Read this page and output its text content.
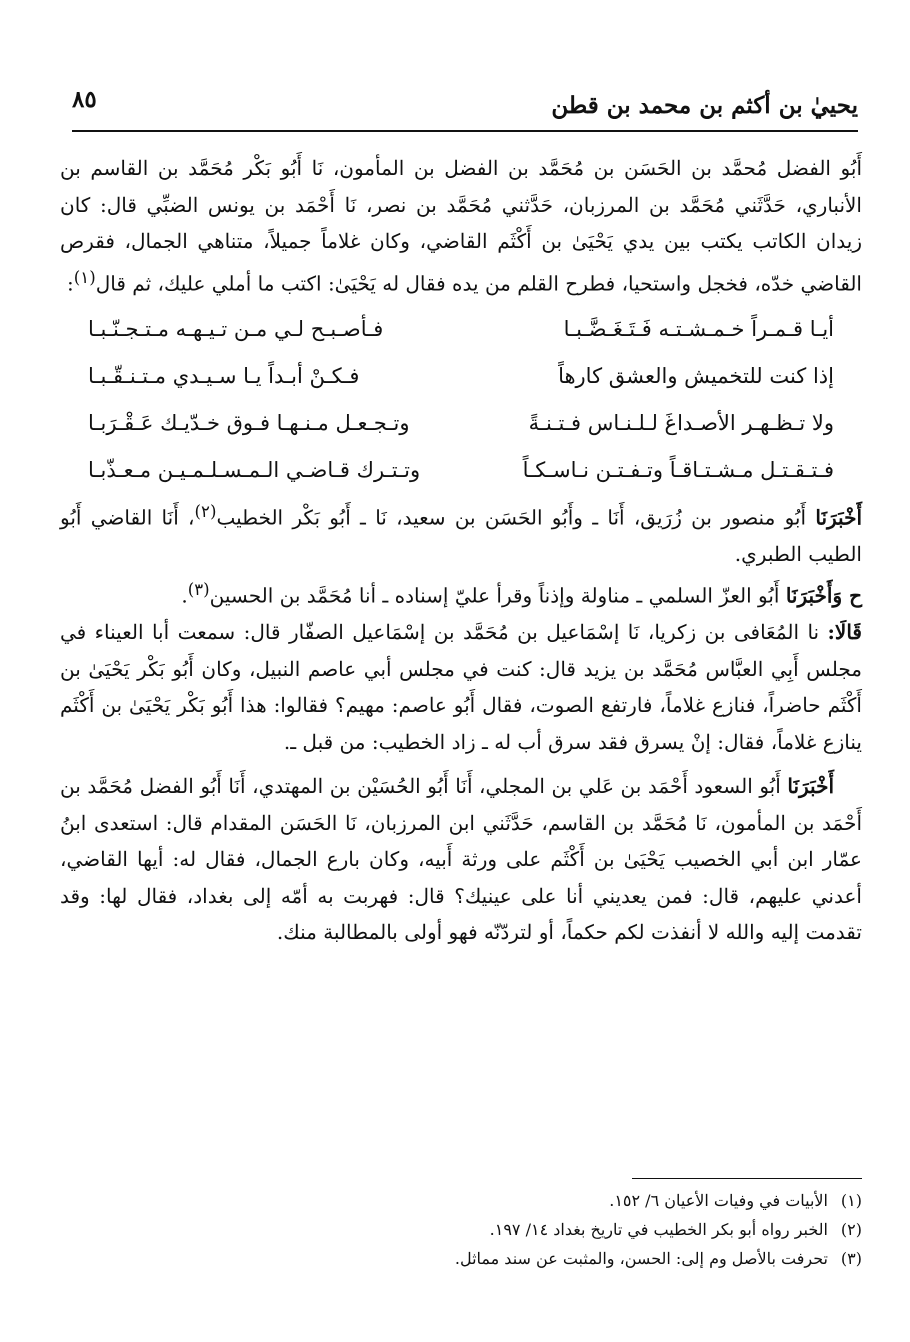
يحييٰ بن أكثم بن محمد بن قطن
٨٥

أَبُو الفضل مُحمَّد بن الحَسَن بن مُحَمَّد بن الفضل بن المأمون، نَا أَبُو بَكْر مُحَمَّد بن القاسم بن الأنباري، حَدَّثَني مُحَمَّد بن المرزبان، حَدَّثني مُحَمَّد بن نصر، نَا أَحْمَد بن يونس الضبِّي قال: كان زيدان الكاتب يكتب بين يدي يَحْيَىٰ بن أَكْثَم القاضي، وكان غلاماً جميلاً، متناهي الجمال، فقرص القاضي خدّه، فخجل واستحيا، فطرح القلم من يده فقال له يَحْيَىٰ: اكتب ما أملي عليك، ثم قال$^{(١)}$:

أيـا قـمـراً خـمـشـتـه فَـتَـغَـضَّـبـا
فـأصـبـح لـي مـن تـيـهـه مـتـجـنّـبـا
إذا كنت للتخميش والعشق كارهاً
فـكـنْ أبـداً يـا سـيـدي مـتـنـقّـبـا
ولا تـظـهـر الأصـداغَ لـلـنـاس فـتـنـةً
وتـجـعـل مـنـهـا فـوق خـدّيـك عَـقْـرَبـا
فـتـقـتـل مـشـتـاقـاً وتـفـتـن نـاسـكـاً
وتـتـرك قـاضـي الـمـسـلـمـيـن مـعـذّبـا

أَخْبَرَنَا أَبُو منصور بن زُرَيق، أَنَا ـ وأَبُو الحَسَن بن سعيد، نَا ـ أَبُو بَكْر الخطيب$^{(٢)}$، أَنَا القاضي أَبُو الطيب الطبري.

ح وَأَخْبَرَنَا أَبُو العزّ السلمي ـ مناولة وإذناً وقرأ عليّ إسناده ـ أنا مُحَمَّد بن الحسين$^{(٣)}$.

قَالَا: نا المُعَافى بن زكريا، نَا إسْمَاعيل بن مُحَمَّد بن إسْمَاعيل الصفّار قال: سمعت أبا العيناء في مجلس أَبِي العبَّاس مُحَمَّد بن يزيد قال: كنت في مجلس أبي عاصم النبيل، وكان أَبُو بَكْر يَحْيَىٰ بن أَكْثَم حاضراً، فنازع غلاماً، فارتفع الصوت، فقال أَبُو عاصم: مهيم؟ فقالوا: هذا أَبُو بَكْر يَحْيَىٰ بن أَكْثَم ينازع غلاماً، فقال: إنْ يسرق فقد سرق أب له ـ زاد الخطيب: من قبل ـ.

أَخْبَرَنَا أَبُو السعود أَحْمَد بن عَلي بن المجلي، أَنَا أَبُو الحُسَيْن بن المهتدي، أَنَا أَبُو الفضل مُحَمَّد بن أَحْمَد بن المأمون، نَا مُحَمَّد بن القاسم، حَدَّثَني ابن المرزبان، نَا الحَسَن المقدام قال: استعدى ابنُ عمّار ابن أبي الخصيب يَحْيَىٰ بن أَكْثَم على ورثة أَبيه، وكان بارع الجمال، فقال له: أيها القاضي، أعدني عليهم، قال: فمن يعديني أنا على عينيك؟ قال: فهربت به أمّه إلى بغداد، فقال لها: وقد تقدمت إليه والله لا أنفذت لكم حكماً، أو لتردّنّه فهو أولى بالمطالبة منك.

(١)
الأبيات في وفيات الأعيان ٦/ ١٥٢.
(٢)
الخبر رواه أبو بكر الخطيب في تاريخ بغداد ١٤/ ١٩٧.
(٣)
تحرفت بالأصل وم إلى: الحسن، والمثبت عن سند مماثل.
